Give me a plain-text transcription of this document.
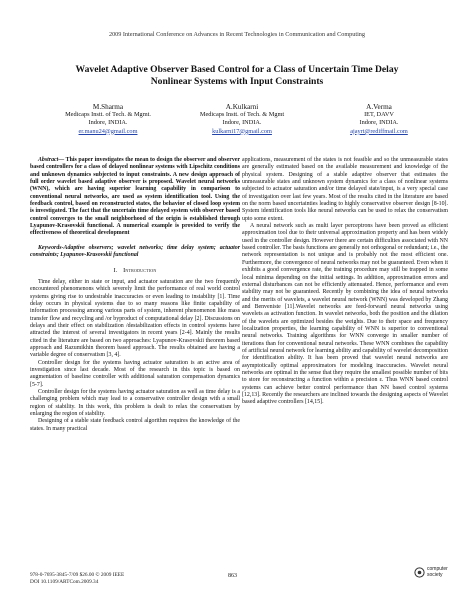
2009 International Conference on Advances in Recent Technologies in Communication and Computing
Wavelet Adaptive Observer Based Control for a Class of Uncertain Time Delay
Nonlinear Systems with Input Constraints
M.Sharma
Medicaps Instt. of Tech. & Mgmt.
Indore, INDIA.
er.manu24@gmail.com
A.Kulkarni
Medicaps Instt. of Tech. & Mgmt
Indore, INDIA.
kulkarni17@gmail.com
A.Verma
IET, DAVV
Indore, INDIA.
ajayrt@rediffmail.com

Abstract— This paper investigates the mean to design the observer and observer based controllers for a class of delayed nonlinear systems with Lipschitz conditions and unknown dynamics subjected to input constraints. A new design approach of full order wavelet based adaptive observer is proposed. Wavelet neural networks (WNN), which are having superior learning capability in comparison to conventional neural networks, are used as system identification tool. Using the feedback control, based on reconstructed states, the behavior of closed loop system is investigated. The fact that the uncertain time delayed system with observer based control converges to the small neighborhood of the origin is established through Lyapunov-Krasovskii functional. A numerical example is provided to verify the effectiveness of theoretical development

Keywords-Adaptive observers; wavelet networks; time delay system; actuator constraints; Lyapunov-Krasovskii functional

I. Introduction

Time delay, either in state or input, and actuator saturation are the two frequently encountered phenomenons which severely limit the performance of real world control systems giving rise to undesirable inaccuracies or even leading to instability [1]. Time delay occurs in physical systems due to so many reasons like finite capability of information processing among various parts of system, inherent phenomenon like mass transfer flow and recycling and /or byproduct of computational delay [2]. Discussions on delays and their effect on stabilization /destabilization effects in control systems have attracted the interest of several investigators in recent years [2-4]. Mainly the results cited in the literature are based on two approaches: Lyapunov-Krasovskii theorem based approach and Razumikhin theorem based approach. The results obtained are having a variable degree of conservatism [3, 4].

Controller design for the systems having actuator saturation is an active area of investigation since last decade. Most of the research in this topic is based on augmentation of baseline controller with additional saturation compensation dynamics [5-7].

Controller design for the systems having actuator saturation as well as time delay is a challenging problem which may lead to a conservative controller design with a small region of stability. In this work, this problem is dealt to relax the conservatism by enlarging the region of stability.

Designing of a stable state feedback control algorithm requires the knowledge of the states. In many practical

applications, measurement of the states is not feasible and so the unmeasurable states are generally estimated based on the available measurement and knowledge of the physical system. Designing of a stable adaptive observer that estimates the unmeasurable states and unknown system dynamics for a class of nonlinear systems subjected to actuator saturation and/or time delayed state/input, is a very special case of investigation over last few years. Most of the results cited in the literature are based on the norm based uncertainties leading to highly conservative observer design [8-10]. System identification tools like neural networks can be used to relax the conservatism upto some extent.

A neural network such as multi layer perceptrons have been proved as efficient approximation tool due to their universal approximation property and has been widely used in the controller design. However there are certain difficulties associated with NN based controller. The basis functions are generally not orthogonal or redundant; i.e., the network representation is not unique and is probably not the most efficient one. Furthermore, the convergence of neural networks may not be guaranteed. Even when it exhibits a good convergence rate, the training procedure may still be trapped in some local minima depending on the initial settings. In addition, approximation errors and external disturbances can not be efficiently attenuated. Hence, performance and even stability may not be guaranteed. Recently by combining the idea of neural networks and the merits of wavelets, a wavelet neural network (WNN) was developed by Zhang and Benveniste [11].Wavelet networks are feed-forward neural networks using wavelets as activation function. In wavelet networks, both the position and the dilation of the wavelets are optimized besides the weights. Due to their space and frequency localization properties, the learning capability of WNN is superior to conventional neural networks. Training algorithms for WNN converge in smaller number of iterations than for conventional neural networks. These WNN combines the capability of artificial neural network for learning ability and capability of wavelet decomposition for identification ability. It has been proved that wavelet neural networks are asymptotically optimal approximators for modeling inaccuracies. Wavelet neural networks are optimal in the sense that they require the smallest possible number of bits to store for reconstructing a function within a precision ε. Thus WNN based control systems can achieve better control performance than NN based control systems [12,13]. Recently the researchers are inclined towards the designing aspects of Wavelet based adaptive controllers [14,15].

978-0-7695-3845-7/09 $26.00 © 2009 IEEE
DOI 10.1109/ARTCom.2009.34
863
computer
society
